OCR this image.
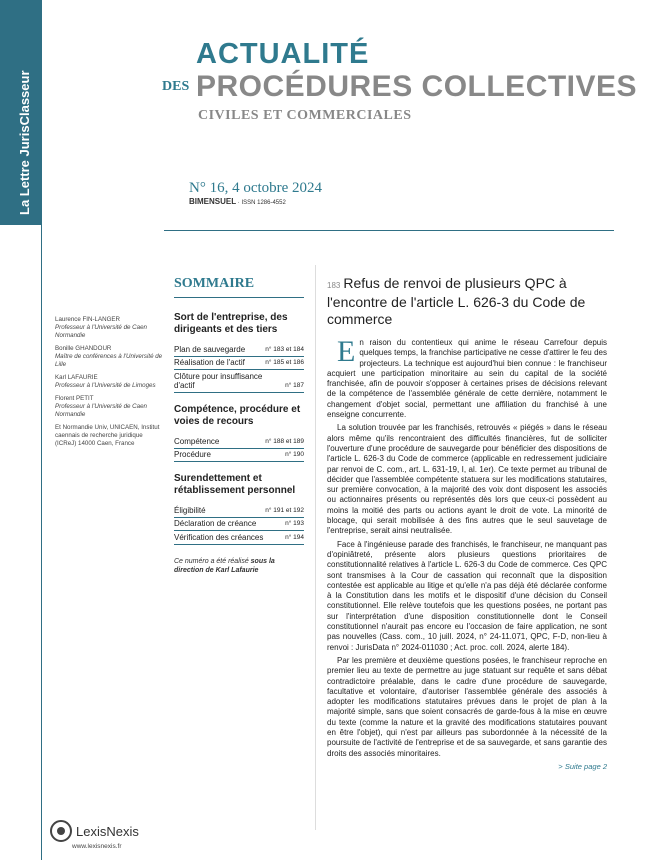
La Lettre JurisClasseur
ACTUALITÉ
DES PROCÉDURES COLLECTIVES
CIVILES ET COMMERCIALES
N° 16, 4 octobre 2024
BIMENSUEL · ISSN 1286-4552
Laurence FIN-LANGER
Professeur à l'Université de Caen Normandie
Bonille GHANDOUR
Maître de conférences à l'Université de Lille
Karl LAFAURIE
Professeur à l'Université de Limoges
Florent PETIT
Professeur à l'Université de Caen Normandie
Et Normandie Univ, UNICAEN, Institut caennais de recherche juridique (ICReJ) 14000 Caen, France
SOMMAIRE
Sort de l'entreprise, des dirigeants et des tiers
Plan de sauvegarde	n° 183 et 184
Réalisation de l'actif	n° 185 et 186
Clôture pour insuffisance d'actif	n° 187
Compétence, procédure et voies de recours
Compétence	n° 188 et 189
Procédure	n° 190
Surendettement et rétablissement personnel
Éligibilité	n° 191 et 192
Déclaration de créance	n° 193
Vérification des créances	n° 194
Ce numéro a été réalisé sous la direction de Karl Lafaurie
183 Refus de renvoi de plusieurs QPC à l'encontre de l'article L. 626-3 du Code de commerce

En raison du contentieux qui anime le réseau Carrefour depuis quelques temps, la franchise participative ne cesse d'attirer le feu des projecteurs. La technique est aujourd'hui bien connue : le franchiseur acquiert une participation minoritaire au sein du capital de la société franchisée, afin de pouvoir s'opposer à certaines prises de décisions relevant de la compétence de l'assemblée générale de cette dernière, notamment le changement d'objet social, permettant une affiliation du franchisé à une enseigne concurrente.

La solution trouvée par les franchisés, retrouvés « piégés » dans le réseau alors même qu'ils rencontraient des difficultés financières, fut de solliciter l'ouverture d'une procédure de sauvegarde pour bénéficier des dispositions de l'article L. 626-3 du Code de commerce (applicable en redressement judiciaire par renvoi de C. com., art. L. 631-19, I, al. 1er). Ce texte permet au tribunal de décider que l'assemblée compétente statuera sur les modifications statutaires, sur première convocation, à la majorité des voix dont disposent les associés ou actionnaires présents ou représentés dès lors que ceux-ci possèdent au moins la moitié des parts ou actions ayant le droit de vote. La minorité de blocage, qui serait mobilisée à des fins autres que le seul sauvetage de l'entreprise, serait ainsi neutralisée.

Face à l'ingénieuse parade des franchisés, le franchiseur, ne manquant pas d'opiniâtreté, présente alors plusieurs questions prioritaires de constitutionnalité relatives à l'article L. 626-3 du Code de commerce. Ces QPC sont transmises à la Cour de cassation qui reconnaît que la disposition contestée est applicable au litige et qu'elle n'a pas déjà été déclarée conforme à la Constitution dans les motifs et le dispositif d'une décision du Conseil constitutionnel. Elle relève toutefois que les questions posées, ne portant pas sur l'interprétation d'une disposition constitutionnelle dont le Conseil constitutionnel n'aurait pas encore eu l'occasion de faire application, ne sont pas nouvelles (Cass. com., 10 juill. 2024, n° 24-11.071, QPC, F-D, non-lieu à renvoi : JurisData n° 2024-011030 ; Act. proc. coll. 2024, alerte 184).

Par les première et deuxième questions posées, le franchiseur reproche en premier lieu au texte de permettre au juge statuant sur requête et sans débat contradictoire préalable, dans le cadre d'une procédure de sauvegarde, facultative et volontaire, d'autoriser l'assemblée générale des associés à adopter les modifications statutaires prévues dans le projet de plan à la majorité simple, sans que soient consacrés de garde-fous à la mise en œuvre du texte (comme la nature et la gravité des modifications statutaires pouvant en être l'objet), qui n'est par ailleurs pas subordonnée à la nécessité de la poursuite de l'activité de l'entreprise et de sa sauvegarde, et sans garantie des droits des associés minoritaires.

> Suite page 2
LexisNexis
www.lexisnexis.fr
